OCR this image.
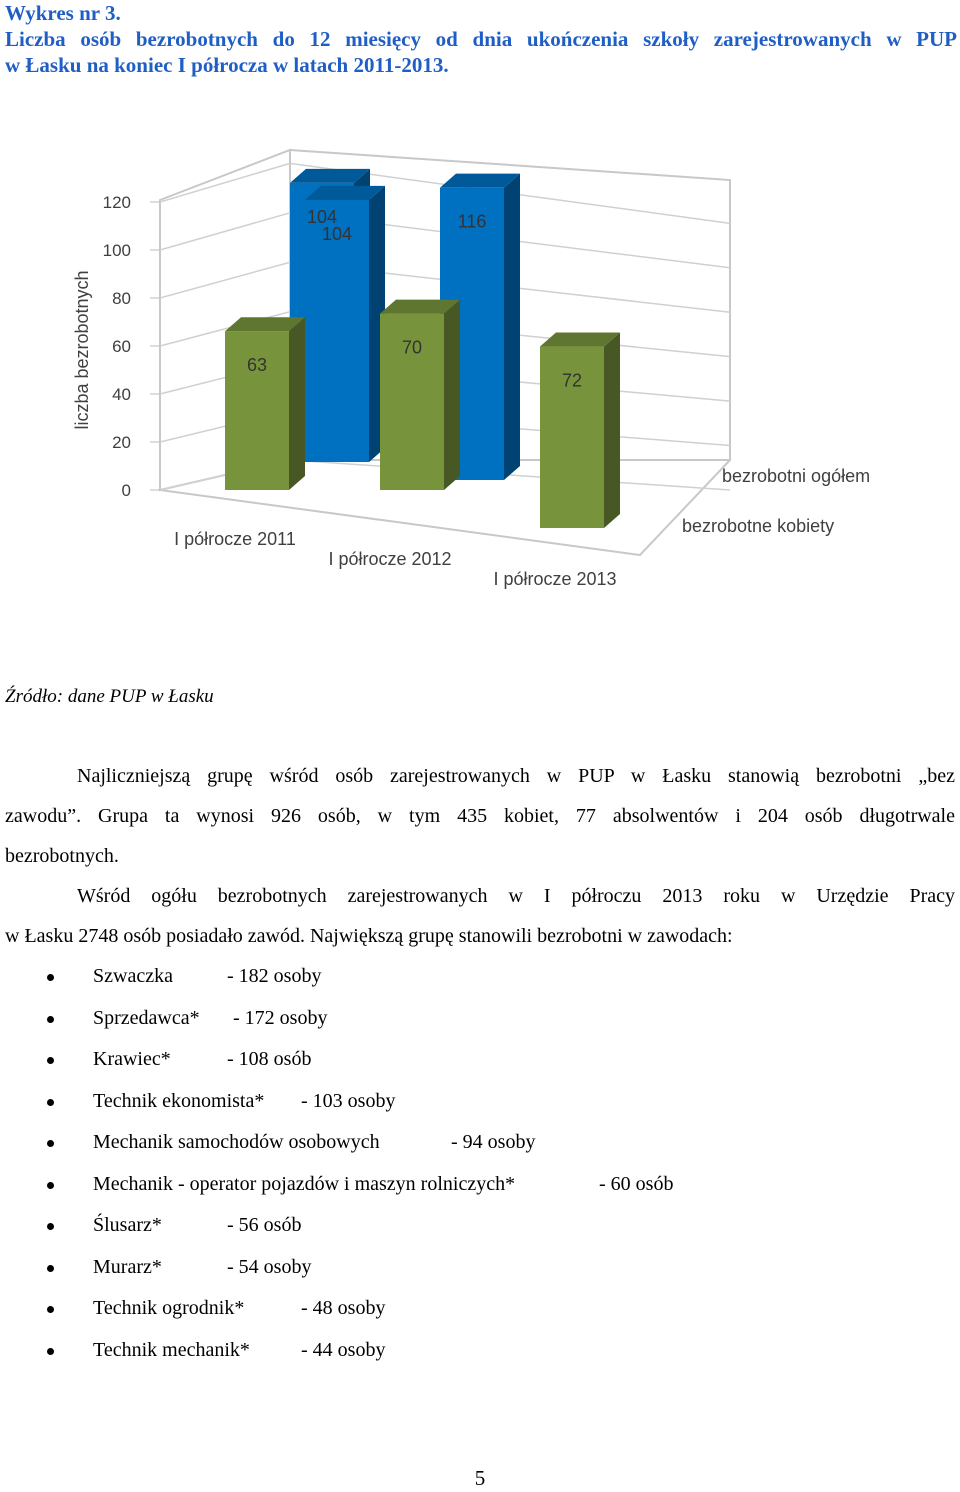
Wykres nr 3.
Liczba osób bezrobotnych do 12 miesięcy od dnia ukończenia szkoły zarejestrowanych w PUP
w Łasku na koniec I półrocza w latach 2011-2013.
0
20
40
60
80
100
120
liczba bezrobotnych
104
104
116
63
70
72
I półrocze 2011
I półrocze 2012
I półrocze 2013
bezrobotni ogółem
bezrobotne kobiety
Źródło: dane PUP w Łasku

Najliczniejszą grupę wśród osób zarejestrowanych w PUP w Łasku stanowią bezrobotni „bez
zawodu”. Grupa ta wynosi 926 osób, w tym 435 kobiet, 77 absolwentów i 204 osób długotrwale
bezrobotnych.

Wśród ogółu bezrobotnych zarejestrowanych w I półroczu 2013 roku w Urzędzie Pracy
w Łasku 2748 osób posiadało zawód. Największą grupę stanowili bezrobotni w zawodach:

Szwaczka	- 182 osoby
Sprzedawca* - 172 osoby
Krawiec*	- 108 osób
Technik ekonomista* - 103 osoby
Mechanik samochodów osobowych	- 94 osoby
Mechanik - operator pojazdów i maszyn rolniczych*	- 60 osób
Ślusarz*	- 56 osób
Murarz*	- 54 osoby
Technik ogrodnik*	- 48 osoby
Technik mechanik*	- 44 osoby
5
